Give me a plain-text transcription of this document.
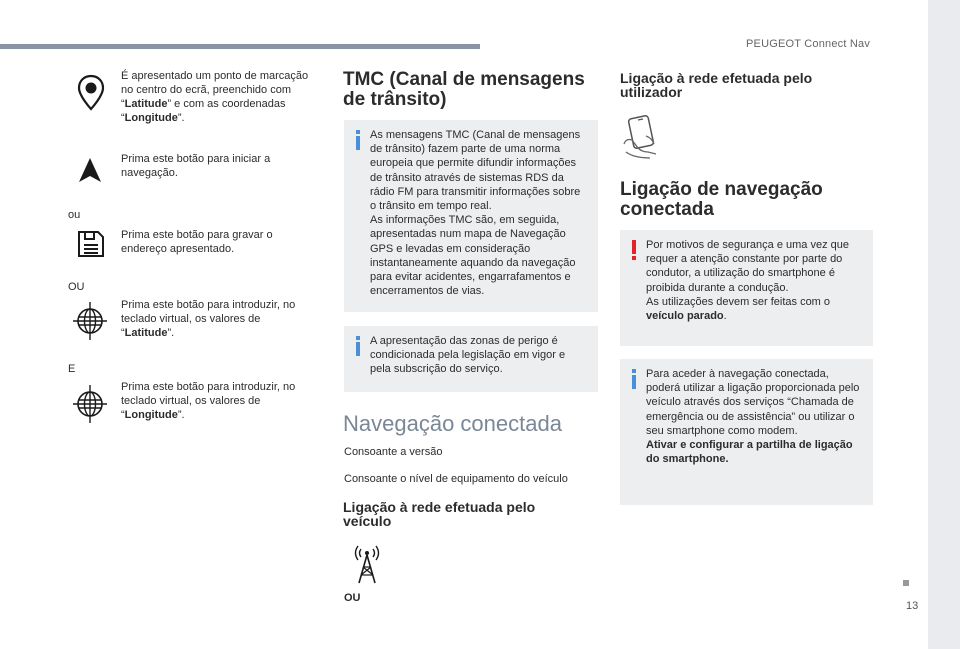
PEUGEOT Connect Nav
É apresentado um ponto de marcação no centro do ecrã, preenchido com “Latitude” e com as coordenadas “Longitude”.
Prima este botão para iniciar a navegação.
ou
Prima este botão para gravar o endereço apresentado.
OU
Prima este botão para introduzir, no teclado virtual, os valores de “Latitude”.
E
Prima este botão para introduzir, no teclado virtual, os valores de “Longitude”.
TMC (Canal de mensagens de trânsito)

As mensagens TMC (Canal de mensagens de trânsito) fazem parte de uma norma europeia que permite difundir informações de trânsito através de sistemas RDS da rádio FM para transmitir informações sobre o trânsito em tempo real.

As informações TMC são, em seguida, apresentadas num mapa de Navegação GPS e levadas em consideração instantaneamente aquando da navegação para evitar acidentes, engarrafamentos e encerramentos de vias.

A apresentação das zonas de perigo é condicionada pela legislação em vigor e pela subscrição do serviço.

Navegação conectada
Consoante a versão
Consoante o nível de equipamento do veículo
Ligação à rede efetuada pelo veículo
OU
Ligação à rede efetuada pelo utilizador
Ligação de navegação conectada

Por motivos de segurança e uma vez que requer a atenção constante por parte do condutor, a utilização do smartphone é proibida durante a condução.

As utilizações devem ser feitas com o veículo parado.

Para aceder à navegação conectada, poderá utilizar a ligação proporcionada pelo veículo através dos serviços “Chamada de emergência ou de assistência” ou utilizar o seu smartphone como modem.

Ativar e configurar a partilha de ligação do smartphone.

13
